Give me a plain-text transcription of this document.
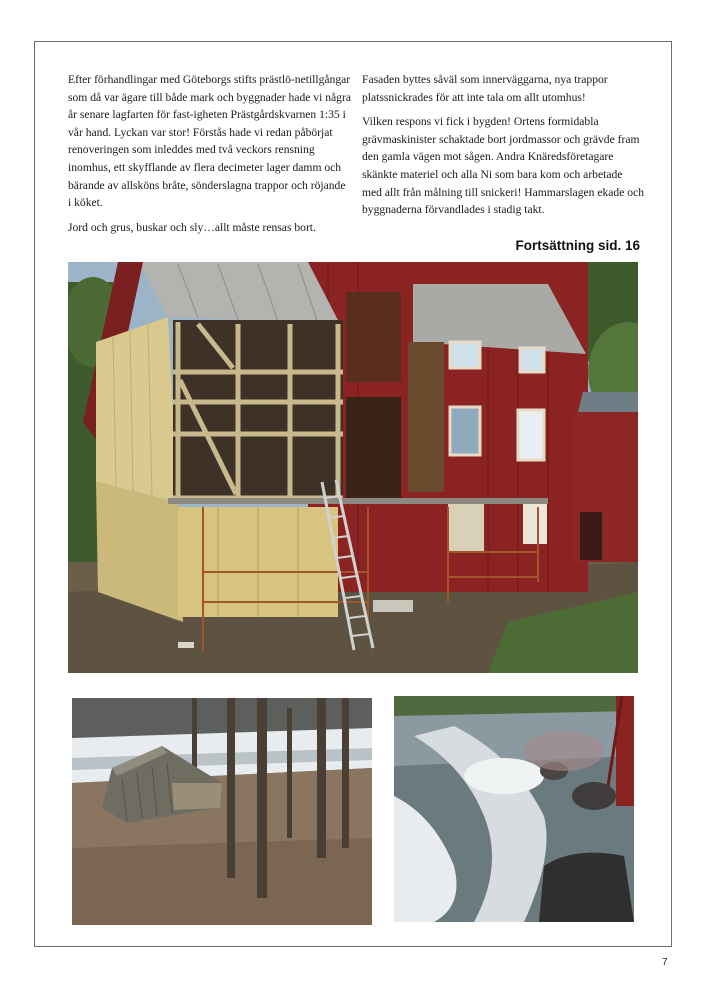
Efter förhandlingar med Göteborgs stifts prästlö-netillgångar som då var ägare till både mark och byggnader hade vi några år senare lagfarten för fast-igheten Prästgårdskvarnen 1:35 i vår hand. Lyckan var stor! Förstås hade vi redan påbörjat renoveringen som inleddes med två veckors rensning inomhus, ett skyfflande av flera decimeter lager damm och bärande av allsköns bråte, sönderslagna trappor och röjande i köket.

Jord och grus, buskar och sly…allt måste rensas bort.

Fasaden byttes såväl som innerväggarna, nya trappor platssnickrades för att inte tala om allt utomhus!

Vilken respons vi fick i bygden! Ortens formidabla grävmaskinister schaktade bort jordmassor och grävde fram den gamla vägen mot sågen. Andra Knäredsföretagare skänkte materiel och alla Ni som bara kom och arbetade med allt från målning till snickeri! Hammarslagen ekade och byggnaderna förvandlades i stadig takt.

Fortsättning sid. 16
7
